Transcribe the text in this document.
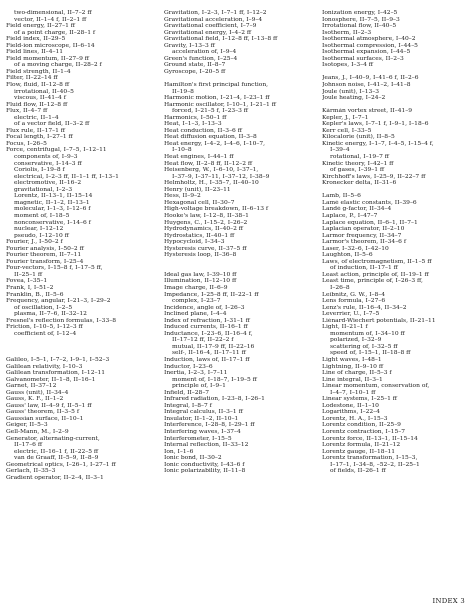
two-dimensional, II–7–2 ff
vector, II–1–4 f, II–2–1 ff
Field energy, II–27–1 ff
of a point charge, II–28–1 f
Field index, II–29–5
Field-ion microscope, II–6–14
Field lines, II–4–11
Field momentum, II–27–9 ff
of a moving charge, II–28–2 f
Field strength, II–1–4
Filter, II–22–14 ff
Flow, fluid, II–12–8 ff
irrotational, II–40–5
viscous, II–41–4 f
Fluid flow, II–12–8 ff
Flux, II–4–7 ff
electric, II–1–4
of a vector field, II–3–2 ff
Flux rule, II–17–1 ff
Focal length, I–27–1 ff
Focus, I–26–5
Force, centrifugal, I–7–5, I–12–11
components of, I–9–3
conservative, I–14–3 ff
Coriolis, I–19–8 f
electrical, I–2–3 ff, II–1–1 ff, I–13–1
electromotive, II–16–2
gravitational, I–2–3
Lorentz, II–13–1, II–15–14
magnetic, II–1–2, II–13–1
molecular, I–1–3, I–12–6 f
moment of, I–18–5
nonconservative, I–14–6 f
nuclear, I–12–12
pseudo, I–12–10 ff
Fourier, J., I–50–2 f
Fourier analysis, I–50–2 ff
Fourier theorem, II–7–11
Fourier transform, I–25–4
Four-vectors, I–15–8 f, I–17–5 ff,
II–25–1 ff
Fovea, I–35–1
Frank, I, I–51–2
Franklin, B., II–5–6
Frequency, angular, I–21–3, I–29–2
of oscillation, I–2–5
plasma, II–7–6, II–32–12
Fresnel's reflection formulas, I–33–8
Friction, I–10–5, I–12–3 ff
coefficient of, I–12–4
Galileo, I–5–1, I–7–2, I–9–1, I–52–3
Galilean relativity, I–10–3
Galilean transformation, I–12–11
Galvanometer, II–1–8, II–16–1
Garnet, II–37–12
Gauss (unit), II–34–4
Gauss, K. F., II–1–2
Gauss' law, II–4–9 f, II–5–1 ff
Gauss' theorem, II–3–5 f
Gaussian surface, II–10–1
Geiger, II–5–3
Gell-Mann, M., I–2–9
Generator, alternating-current,
II–17–6 ff
electric, II–16–1 f, II–22–5 ff
van de Graaff, II–5–9, II–8–9
Geometrical optics, I–26–1, I–27–1 ff
Gerlach, II–35–3
Gradient operator, II–2–4, II–3–1
Gravitation, I–2–3, I–7–1 ff, I–12–2
Gravitational acceleration, I–9–4
Gravitational coefficient, I–7–9
Gravitational energy, I–4–2 ff
Gravitational field, I–12–8 ff, I–13–8 ff
Gravity, I–13–3 ff
acceleration of, I–9–4
Green's function, I–25–4
Ground state, II–8–7
Gyroscope, I–20–5 ff
Hamilton's first principal function,
II–19–8
Harmonic motion, I–21–4, I–23–1 ff
Harmonic oscillator, I–10–1, I–21–1 ff
forced, I–21–5 f, I–23–3 ff
Harmonics, I–50–1 ff
Heat, I–1–3, I–13–3
Heat conduction, II–3–6 ff
Heat diffusion equation, II–3–8
Heat energy, I–4–2, I–4–6, I–10–7,
I–10–8
Heat engines, I–44–1 ff
Heat flow, II–2–8 ff, II–12–2 ff
Heisenberg, W., I–6–10, I–37–1,
I–37–9, I–37–11, I–37–12, I–38–9
Helmholtz, H., I–35–7, II–40–10
Henry (unit), II–23–11
Hess, II–9–2
Hexagonal cell, II–30–7
High-voltage breakdown, II–6–13 f
Hooke's law, I–12–8, II–38–1
Huygens, C., I–15–2, I–26–2
Hydrodynamics, II–40–2 ff
Hydrostatics, II–40–1 ff
Hypocycloid, I–34–3
Hysteresis curve, II–37–5 ff
Hysteresis loop, II–36–8
Ideal gas law, I–39–10 ff
Illumination, II–12–10 ff
Image charge, II–6–9
Impedance, I–25–8 ff, II–22–1 ff
complex, I–23–7
Incidence, angle of, I–26–3
Inclined plane, I–4–4
Index of refraction, I–31–1 ff
Induced currents, II–16–1 ff
Inductance, I–23–6, II–16–4 f,
II–17–12 ff, II–22–2 f
mutual, II–17–9 ff, II–22–16
self-, II–16–4, II–17–11 ff
Induction, laws of, II–17–1 ff
Inductor, I–23–6
Inertia, I–2–3, I–7–11
moment of, I–18–7, I–19–5 ff
principle of, I–9–1
Infield, II–28–7
Infrared radiation, I–23–8, I–26–1
Integral, I–8–7 f
Integral calculus, II–3–1 ff
Insulator, II–1–2, II–10–1
Interference, I–28–8, I–29–1 ff
Interfering waves, I–37–4
Interferometer, I–15–5
Internal reflection, II–33–12
Ion, I–1–6
Ionic bond, II–30–2
Ionic conductivity, I–43–6 f
Ionic polarizability, II–11–8
Ionization energy, I–42–5
Ionosphere, II–7–5, II–9–3
Irrotational flow, II–40–5
Isotherm, II–2–3
Isothermal atmosphere, I–40–2
Isothermal compression, I–44–5
Isothermal expansion, I–44–5
Isothermal surfaces, II–2–3
Isotopes, I–3–4 ff
Jeans, J., I–40–9, I–41–6 f, II–2–6
Johnson noise, I–41–2, I–41–8
Joule (unit), I–13–3
Joule heating, I–24–2
Kármán vortex street, II–41–9
Kepler, J., I–7–1
Kepler's laws, I–7–1 f, I–9–1, I–18–6
Kerr cell, I–33–5
Kilocalorie (unit), II–8–5
Kinetic energy, I–1–7, I–4–5, I–15–4 f,
I–39–4
rotational, I–19–7 ff
Kinetic theory, I–42–1 ff
of gases, I–39–1 ff
Kirchhoff's laws, I–25–9, II–22–7 ff
Kronecker delta, II–31–6
Lamb, II–5–6
Lamé elastic constants, II–39–6
Landé g-factor, II–34–4
Laplace, P., I–47–7
Laplace equation, II–6–1, II–7–1
Laplacian operator, II–2–10
Larmor frequency, II–34–7
Larmor's theorem, II–34–6 f
Laser, I–32–6, I–42–10
Laughton, II–5–6
Laws, of electromagnetism, II–1–5 ff
of induction, II–17–1 ff
Least action, principle of, II–19–1 ff
Least time, principle of, I–26–3 ff,
I–26–8
Leibnitz, G. W., I–8–4
Lens formula, I–27–6
Lenz's rule, II–16–4, II–34–2
Leverrier, U., I–7–5
Liénard-Wiechert potentials, II–21–11
Light, II–21–1 f
momentum of, I–34–10 ff
polarized, I–32–9
scattering of, I–32–5 ff
speed of, I–15–1, II–18–8 ff
Light waves, I–48–1
Lightning, II–9–10 ff
Line of charge, II–5–3 f
Line integral, II–3–1
Linear momentum, conservation of,
I–4–7, I–10–1 ff
Linear systems, I–25–1 ff
Lodestone, II–1–10
Logarithms, I–22–4
Lorentz, H. A., I–15–3
Lorentz condition, II–25–9
Lorentz contraction, I–15–7
Lorentz force, II–13–1, II–15–14
Lorentz formula, II–21–12
Lorentz gauge, II–18–11
Lorentz transformation, I–15–3,
I–17–1, I–34–8, –52–2, II–25–1
of fields, II–26–1 ff
INDEX 3
